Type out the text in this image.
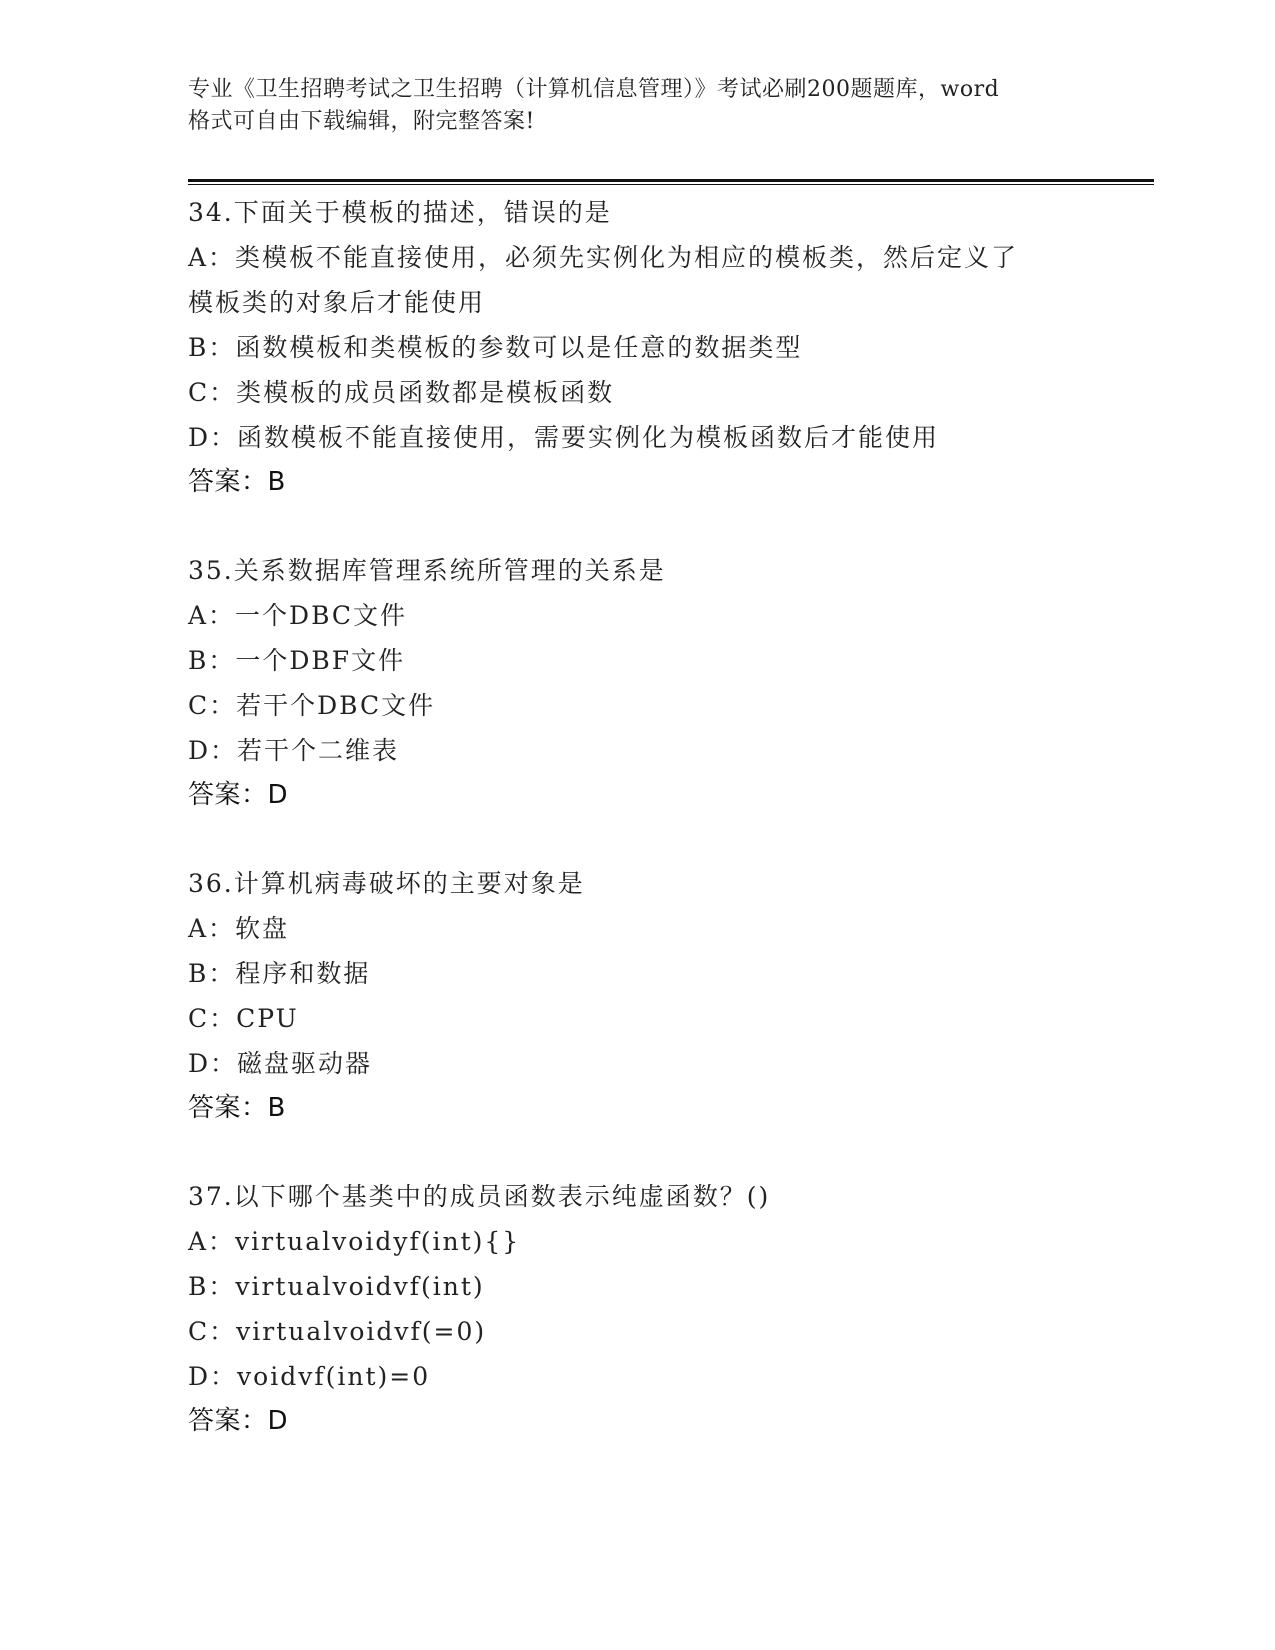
专业《卫生招聘考试之卫生招聘（计算机信息管理）》考试必刷200题题库，word
格式可自由下载编辑，附完整答案!
34.下面关于模板的描述，错误的是
A：类模板不能直接使用，必须先实例化为相应的模板类，然后定义了
模板类的对象后才能使用
B：函数模板和类模板的参数可以是任意的数据类型
C：类模板的成员函数都是模板函数
D：函数模板不能直接使用，需要实例化为模板函数后才能使用
答案：B
35.关系数据库管理系统所管理的关系是
A：一个DBC文件
B：一个DBF文件
C：若干个DBC文件
D：若干个二维表
答案：D
36.计算机病毒破坏的主要对象是
A：软盘
B：程序和数据
C：CPU
D：磁盘驱动器
答案：B
37.以下哪个基类中的成员函数表示纯虚函数？()
A：virtualvoidyf(int){}
B：virtualvoidvf(int)
C：virtualvoidvf(=0)
D：voidvf(int)=0
答案：D
